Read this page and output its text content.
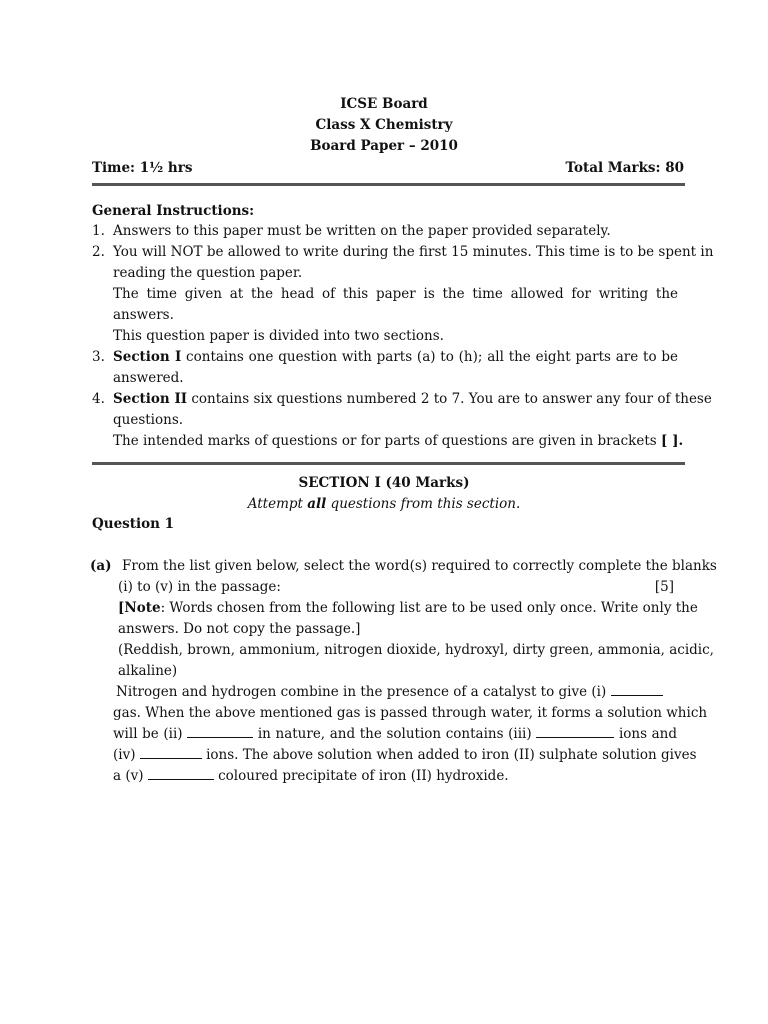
ICSE Board
Class X Chemistry
Board Paper – 2010
Time: 1½ hrs	Total Marks: 80
General Instructions:
1. Answers to this paper must be written on the paper provided separately.
2. You will NOT be allowed to write during the first 15 minutes. This time is to be spent in
reading the question paper.
The time given at the head of this paper is the time allowed for writing the
answers.
This question paper is divided into two sections.
3. Section I contains one question with parts (a) to (h); all the eight parts are to be
answered.
4. Section II contains six questions numbered 2 to 7. You are to answer any four of these
questions.
The intended marks of questions or for parts of questions are given in brackets [ ].
SECTION I (40 Marks)
Attempt all questions from this section.
Question 1
(a) From the list given below, select the word(s) required to correctly complete the blanks
(i) to (v) in the passage:	[5]
[Note: Words chosen from the following list are to be used only once. Write only the
answers. Do not copy the passage.]
(Reddish, brown, ammonium, nitrogen dioxide, hydroxyl, dirty green, ammonia, acidic,
alkaline)
Nitrogen and hydrogen combine in the presence of a catalyst to give (i)
gas. When the above mentioned gas is passed through water, it forms a solution which
will be (ii)	in nature, and the solution contains (iii)	ions and
(iv)	ions. The above solution when added to iron (II) sulphate solution gives
a (v)	coloured precipitate of iron (II) hydroxide.
